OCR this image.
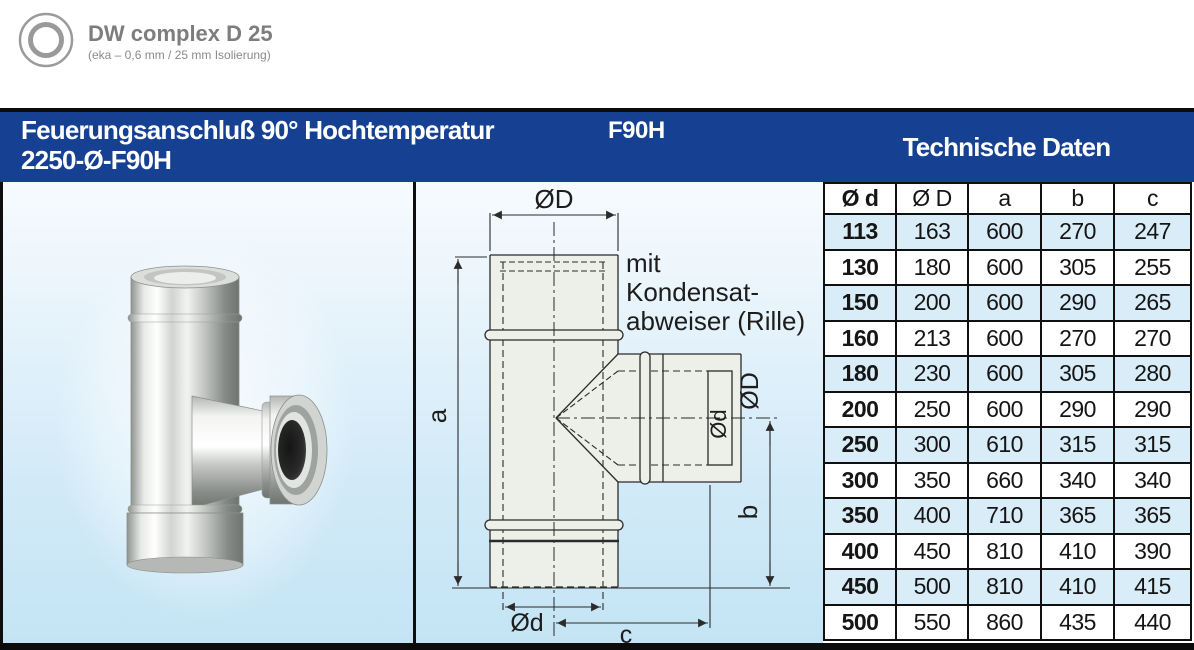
DW complex D 25
(eka – 0,6 mm / 25 mm Isolierung)
Feuerungsanschluß 90° Hochtemperatur
2250-Ø-F90H
F90H
Technische Daten
ØD
a
b
Ød	c
Ød
ØD
mit
Kondensat-
abweiser (Rille)
Ø d	Ø D	a	b	c
113	163	600	270	247
130	180	600	305	255
150	200	600	290	265
160	213	600	270	270
180	230	600	305	280
200	250	600	290	290
250	300	610	315	315
300	350	660	340	340
350	400	710	365	365
400	450	810	410	390
450	500	810	410	415
500	550	860	435	440
